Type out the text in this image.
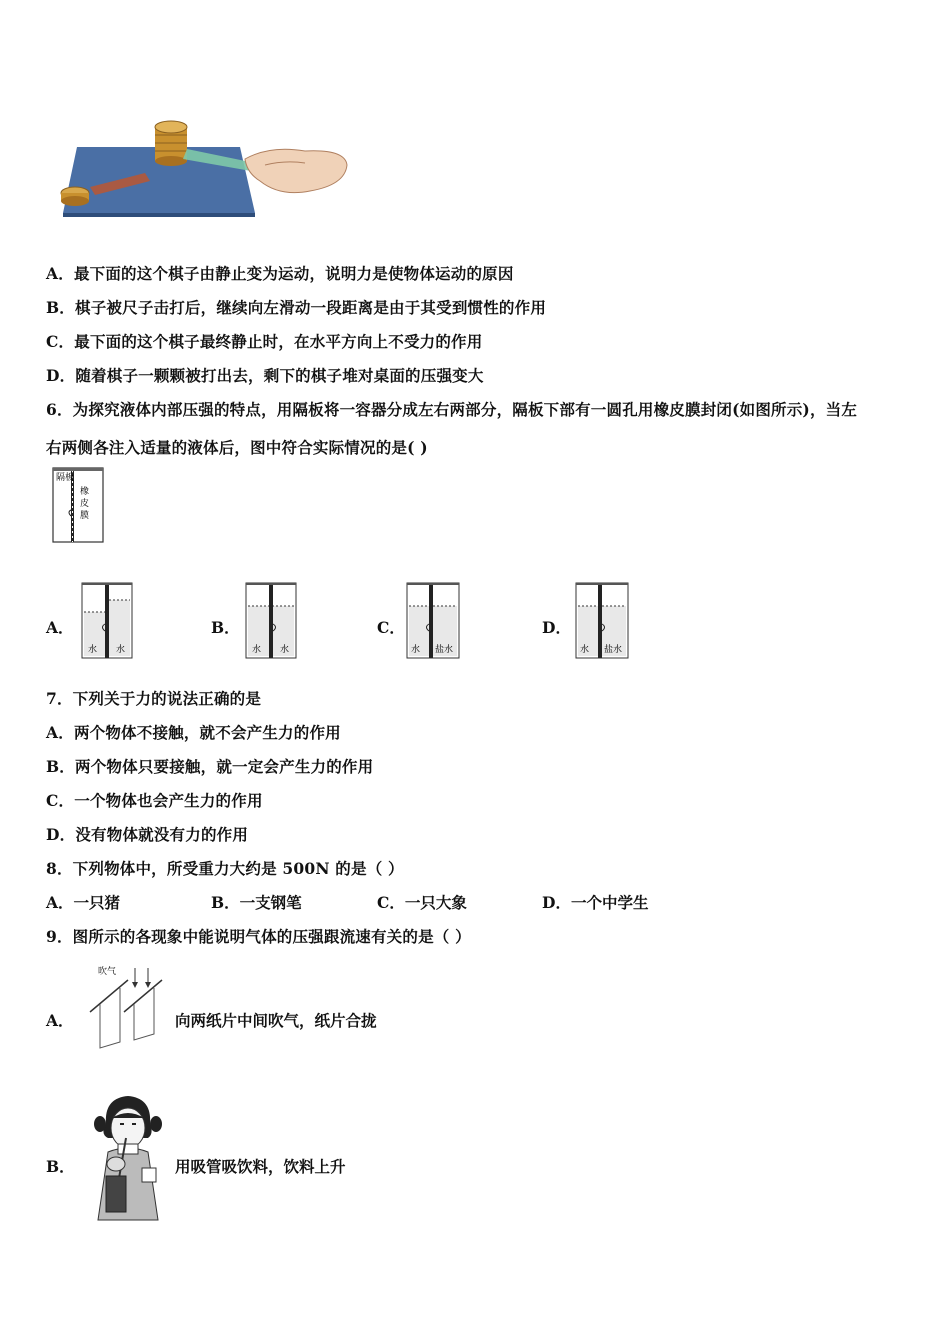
A．最下面的这个棋子由静止变为运动，说明力是使物体运动的原因
B．棋子被尺子击打后，继续向左滑动一段距离是由于其受到惯性的作用
C．最下面的这个棋子最终静止时，在水平方向上不受力的作用
D．随着棋子一颗颗被打出去，剩下的棋子堆对桌面的压强变大
6．为探究液体内部压强的特点，用隔板将一容器分成左右两部分，隔板下部有一圆孔用橡皮膜封闭(如图所示)，当左
右两侧各注入适量的液体后，图中符合实际情况的是( )
隔板
橡
皮
膜
A．
水 水
B．
水 水
C．
水 盐水
D．
水 盐水
7．下列关于力的说法正确的是
A．两个物体不接触，就不会产生力的作用
B．两个物体只要接触，就一定会产生力的作用
C．一个物体也会产生力的作用
D．没有物体就没有力的作用
8．下列物体中，所受重力大约是 500N 的是（ ）
A．一只猪	B．一支钢笔	C．一只大象	D．一个中学生
9．图所示的各现象中能说明气体的压强跟流速有关的是（ ）
A．
吹气
向两纸片中间吹气，纸片合拢
B．	用吸管吸饮料，饮料上升
